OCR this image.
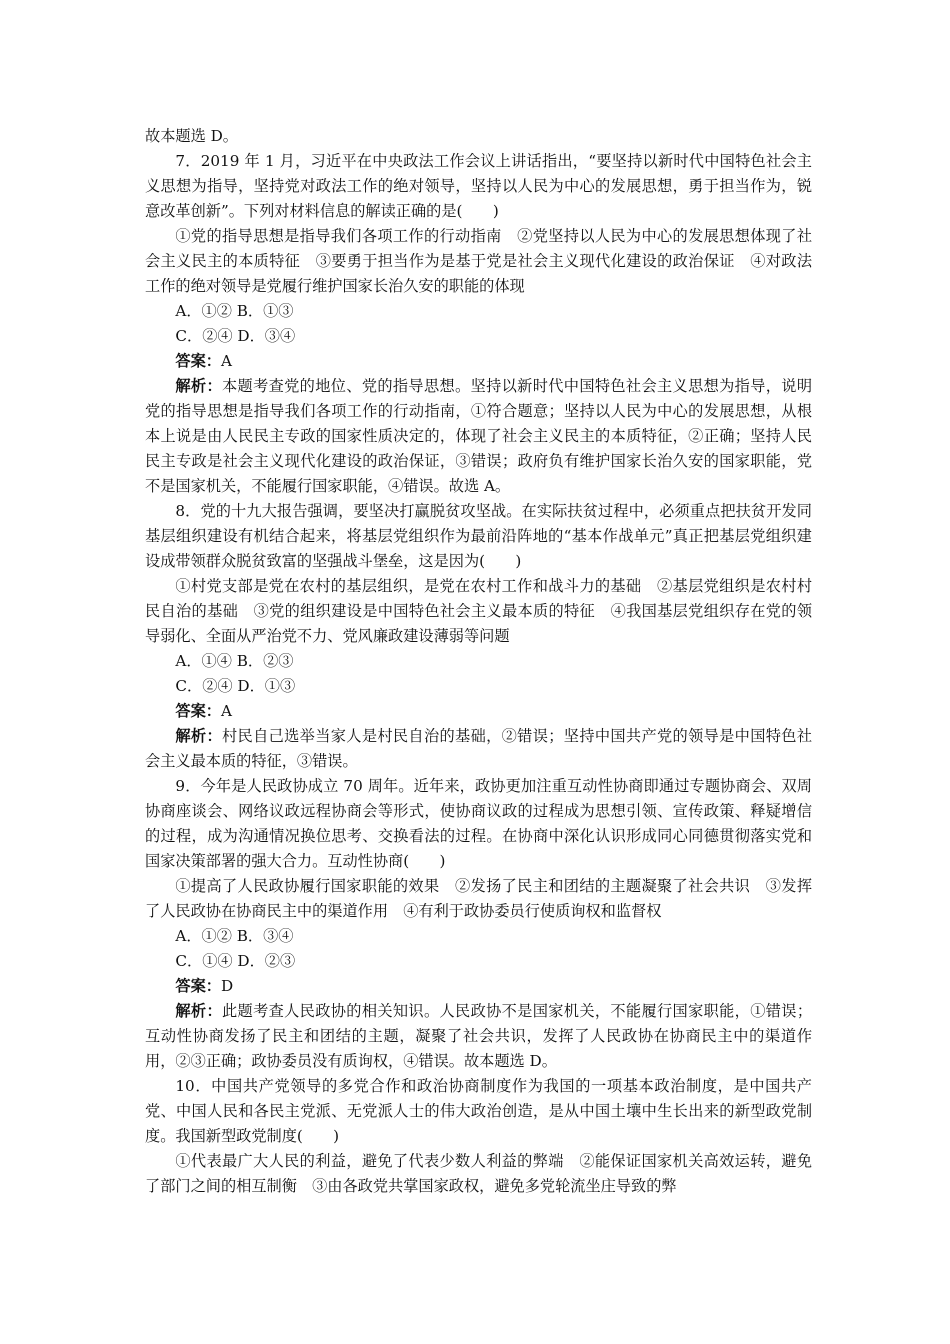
故本题选 D。

7．2019 年 1 月，习近平在中央政法工作会议上讲话指出，“要坚持以新时代中国特色社会主义思想为指导，坚持党对政法工作的绝对领导，坚持以人民为中心的发展思想，勇于担当作为，锐意改革创新”。下列对材料信息的解读正确的是(　　)

①党的指导思想是指导我们各项工作的行动指南　②党坚持以人民为中心的发展思想体现了社会主义民主的本质特征　③要勇于担当作为是基于党是社会主义现代化建设的政治保证　④对政法工作的绝对领导是党履行维护国家长治久安的职能的体现

A．①② B．①③

C．②④ D．③④

答案：A

解析：本题考查党的地位、党的指导思想。坚持以新时代中国特色社会主义思想为指导，说明党的指导思想是指导我们各项工作的行动指南，①符合题意；坚持以人民为中心的发展思想，从根本上说是由人民民主专政的国家性质决定的，体现了社会主义民主的本质特征，②正确；坚持人民民主专政是社会主义现代化建设的政治保证，③错误；政府负有维护国家长治久安的国家职能，党不是国家机关，不能履行国家职能，④错误。故选 A。

8．党的十九大报告强调，要坚决打赢脱贫攻坚战。在实际扶贫过程中，必须重点把扶贫开发同基层组织建设有机结合起来，将基层党组织作为最前沿阵地的“基本作战单元”真正把基层党组织建设成带领群众脱贫致富的坚强战斗堡垒，这是因为(　　)

①村党支部是党在农村的基层组织，是党在农村工作和战斗力的基础　②基层党组织是农村村民自治的基础　③党的组织建设是中国特色社会主义最本质的特征　④我国基层党组织存在党的领导弱化、全面从严治党不力、党风廉政建设薄弱等问题

A．①④ B．②③

C．②④ D．①③

答案：A

解析：村民自己选举当家人是村民自治的基础，②错误；坚持中国共产党的领导是中国特色社会主义最本质的特征，③错误。

9．今年是人民政协成立 70 周年。近年来，政协更加注重互动性协商即通过专题协商会、双周协商座谈会、网络议政远程协商会等形式，使协商议政的过程成为思想引领、宣传政策、释疑增信的过程，成为沟通情况换位思考、交换看法的过程。在协商中深化认识形成同心同德贯彻落实党和国家决策部署的强大合力。互动性协商(　　)

①提高了人民政协履行国家职能的效果　②发扬了民主和团结的主题凝聚了社会共识　③发挥了人民政协在协商民主中的渠道作用　④有利于政协委员行使质询权和监督权

A．①② B．③④

C．①④ D．②③

答案：D

解析：此题考查人民政协的相关知识。人民政协不是国家机关，不能履行国家职能，①错误；互动性协商发扬了民主和团结的主题，凝聚了社会共识，发挥了人民政协在协商民主中的渠道作用，②③正确；政协委员没有质询权，④错误。故本题选 D。

10．中国共产党领导的多党合作和政治协商制度作为我国的一项基本政治制度，是中国共产党、中国人民和各民主党派、无党派人士的伟大政治创造，是从中国土壤中生长出来的新型政党制度。我国新型政党制度(　　)

①代表最广大人民的利益，避免了代表少数人利益的弊端　②能保证国家机关高效运转，避免了部门之间的相互制衡　③由各政党共掌国家政权，避免多党轮流坐庄导致的弊
